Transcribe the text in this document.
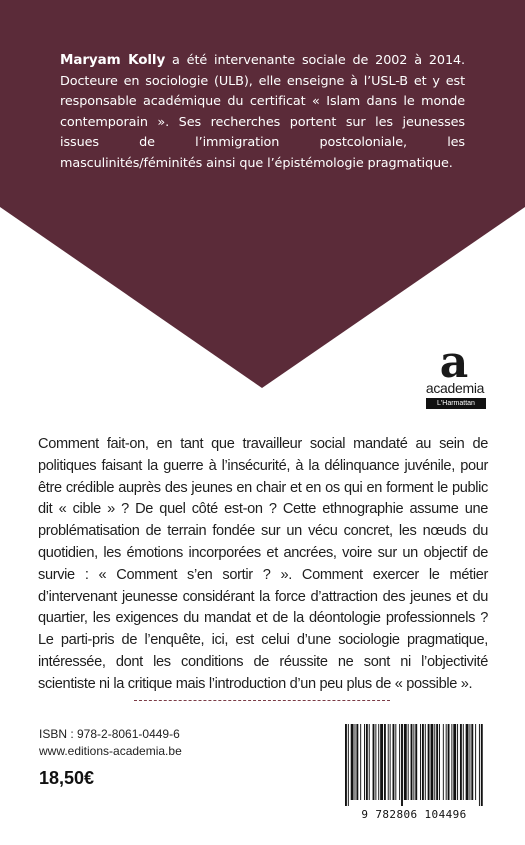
Maryam Kolly a été intervenante sociale de 2002 à 2014. Docteure en sociologie (ULB), elle enseigne à l’USL-B et y est responsable académique du certificat « Islam dans le monde contemporain ». Ses recherches portent sur les jeunesses issues de l’immigration postcoloniale, les masculinités/féminités ainsi que l’épistémologie pragmatique.
a
academia
L'Harmattan
Comment fait-on, en tant que travailleur social mandaté au sein de politiques faisant la guerre à l’insécurité, à la délinquance juvénile, pour être crédible auprès des jeunes en chair et en os qui en forment le public dit « cible » ? De quel côté est-on ? Cette ethnographie assume une problématisation de terrain fondée sur un vécu concret, les nœuds du quotidien, les émotions incorporées et ancrées, voire sur un objectif de survie : « Comment s’en sortir ? ». Comment exercer le métier d’intervenant jeunesse considérant la force d’attraction des jeunes et du quartier, les exigences du mandat et de la déontologie professionnels ? Le parti-pris de l’enquête, ici, est celui d’une sociologie pragmatique, intéressée, dont les conditions de réussite ne sont ni l’objectivité scientiste ni la critique mais l’introduction d’un peu plus de « possible ».
ISBN : 978-2-8061-0449-6
www.editions-academia.be
18,50€
9 782806 104496
